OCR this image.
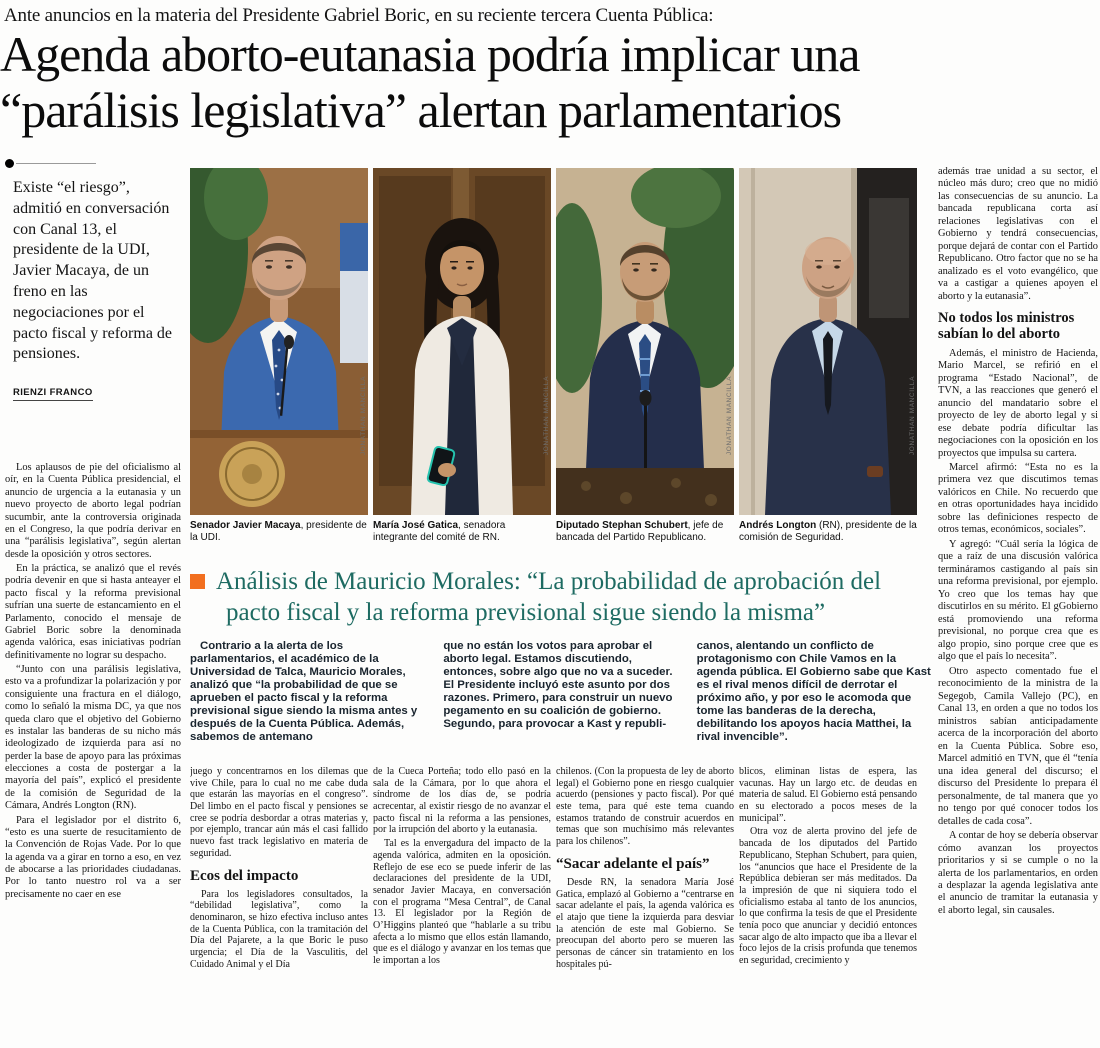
Ante anuncios en la materia del Presidente Gabriel Boric, en su reciente tercera Cuenta Pública:
Agenda aborto-eutanasia podría implicar una
“parálisis legislativa” alertan parlamentarios

Existe “el riesgo”, admitió en conversación con Canal 13, el presidente de la UDI, Javier Macaya, de un freno en las negociaciones por el pacto fiscal y reforma de pensiones.

RIENZI FRANCO

Los aplausos de pie del oficialismo al oír, en la Cuenta Pública presidencial, el anuncio de urgencia a la eutanasia y un nuevo proyecto de aborto legal podrían sucumbir, ante la controversia originada en el Congreso, la que podría derivar en una “parálisis legislativa”, según alertan desde la oposición y otros sectores.

En la práctica, se analizó que el revés podría devenir en que si hasta anteayer el pacto fiscal y la reforma previsional sufrían una suerte de estancamiento en el Parlamento, conocido el mensaje de Gabriel Boric sobre la denominada agenda valórica, esas iniciativas podrían definitivamente no lograr su despacho.

“Junto con una parálisis legislativa, esto va a profundizar la polarización y por consiguiente una fractura en el diálogo, como lo señaló la misma DC, ya que nos queda claro que el objetivo del Gobierno es instalar las banderas de su nicho más ideologizado de izquierda para así no perder la base de apoyo para las próximas elecciones a costa de postergar a la mayoría del país”, explicó el presidente de la comisión de Seguridad de la Cámara, Andrés Longton (RN).

Para el legislador por el distrito 6, “esto es una suerte de resucitamiento de la Convención de Rojas Vade. Por lo que la agenda va a girar en torno a eso, en vez de abocarse a las prioridades ciudadanas. Por lo tanto nuestro rol va a ser precisamente no caer en ese

JONATHAN MANCILLA
Senador Javier Macaya, presidente de la UDI.
JONATHAN MANCILLA
María José Gatica, senadora integrante del comité de RN.
JONATHAN MANCILLA
Diputado Stephan Schubert, jefe de bancada del Partido Republicano.
JONATHAN MANCILLA
Andrés Longton (RN), presidente de la comisión de Seguridad.
Análisis de Mauricio Morales: “La probabilidad de aprobación del pacto fiscal y la reforma previsional sigue siendo la misma”

Contrario a la alerta de los parlamentarios, el académico de la Universidad de Talca, Mauricio Morales, analizó que “la probabilidad de que se aprueben el pacto fiscal y la reforma previsional sigue siendo la misma antes y después de la Cuenta Pública. Además, sabemos de antemano

que no están los votos para aprobar el aborto legal. Estamos discutiendo, entonces, sobre algo que no va a suceder. El Presidente incluyó este asunto por dos razones. Primero, para construir un nuevo pegamento en su coalición de gobierno. Segundo, para provocar a Kast y republi-

canos, alentando un conflicto de protagonismo con Chile Vamos en la agenda pública. El Gobierno sabe que Kast es el rival menos difícil de derrotar el próximo año, y por eso le acomoda que tome las banderas de la derecha, debilitando los apoyos hacia Matthei, la rival invencible”.

juego y concentrarnos en los dilemas que vive Chile, para lo cual no me cabe duda que estarán las mayorías en el congreso”. Del limbo en el pacto fiscal y pensiones se cree se podría desbordar a otras materias y, por ejemplo, trancar aún más el casi fallido nuevo fast track legislativo en materia de seguridad.

Ecos del impacto

Para los legisladores consultados, la “debilidad legislativa”, como la denominaron, se hizo efectiva incluso antes de la Cuenta Pública, con la tramitación del Día del Pajarete, a la que Boric le puso urgencia; el Día de la Vasculitis, del Cuidado Animal y el Día

de la Cueca Porteña; todo ello pasó en la sala de la Cámara, por lo que ahora el síndrome de los días de, se podría acrecentar, al existir riesgo de no avanzar el pacto fiscal ni la reforma a las pensiones, por la irrupción del aborto y la eutanasia.

Tal es la envergadura del impacto de la agenda valórica, admiten en la oposición. Reflejo de ese eco se puede inferir de las declaraciones del presidente de la UDI, senador Javier Macaya, en conversación con el programa “Mesa Central”, de Canal 13. El legislador por la Región de O’Higgins planteó que “hablarle a su tribu afecta a lo mismo que ellos están llamando, que es el diálogo y avanzar en los temas que le importan a los

chilenos. (Con la propuesta de ley de aborto legal) el Gobierno pone en riesgo cualquier acuerdo (pensiones y pacto fiscal). Por qué este tema, para qué este tema cuando estamos tratando de construir acuerdos en temas que son muchísimo más relevantes para los chilenos”.

“Sacar adelante el país”

Desde RN, la senadora María José Gatica, emplazó al Gobierno a “centrarse en sacar adelante el país, la agenda valórica es el atajo que tiene la izquierda para desviar la atención de este mal Gobierno. Se preocupan del aborto pero se mueren las personas de cáncer sin tratamiento en los hospitales pú-

blicos, eliminan listas de espera, las vacunas. Hay un largo etc. de deudas en materia de salud. El Gobierno está pensando en su electorado a pocos meses de la municipal”.

Otra voz de alerta provino del jefe de bancada de los diputados del Partido Republicano, Stephan Schubert, para quien, los “anuncios que hace el Presidente de la República debieran ser más meditados. Da la impresión de que ni siquiera todo el oficialismo estaba al tanto de los anuncios, lo que confirma la tesis de que el Presidente tenía poco que anunciar y decidió entonces sacar algo de alto impacto que iba a llevar el foco lejos de la crisis profunda que tenemos en seguridad, crecimiento y

además trae unidad a su sector, el núcleo más duro; creo que no midió las consecuencias de su anuncio. La bancada republicana corta así relaciones legislativas con el Gobierno y tendrá consecuencias, porque dejará de contar con el Partido Republicano. Otro factor que no se ha analizado es el voto evangélico, que va a castigar a quienes apoyen el aborto y la eutanasia”.

No todos los ministros sabían lo del aborto

Además, el ministro de Hacienda, Mario Marcel, se refirió en el programa “Estado Nacional”, de TVN, a las reacciones que generó el anuncio del mandatario sobre el proyecto de ley de aborto legal y si ese debate podría dificultar las negociaciones con la oposición en los proyectos que impulsa su cartera.

Marcel afirmó: “Esta no es la primera vez que discutimos temas valóricos en Chile. No recuerdo que en otras oportunidades haya incidido sobre las definiciones respecto de otros temas, económicos, sociales”.

Y agregó: “Cuál sería la lógica de que a raíz de una discusión valórica termináramos castigando al país sin una reforma previsional, por ejemplo. Yo creo que los temas hay que discutirlos en su mérito. El gGobierno está promoviendo una reforma previsional, no porque crea que es algo propio, sino porque cree que es algo que el país lo necesita”.

Otro aspecto comentado fue el reconocimiento de la ministra de la Segegob, Camila Vallejo (PC), en Canal 13, en orden a que no todos los ministros sabían anticipadamente acerca de la incorporación del aborto en la Cuenta Pública. Sobre eso, Marcel admitió en TVN, que él “tenía una idea general del discurso; el discurso del Presidente lo prepara él personalmente, de tal manera que yo no tengo por qué conocer todos los detalles de cada cosa”.

A contar de hoy se debería observar cómo avanzan los proyectos prioritarios y si se cumple o no la alerta de los parlamentarios, en orden a desplazar la agenda legislativa ante el anuncio de tramitar la eutanasia y el aborto legal, sin causales.
